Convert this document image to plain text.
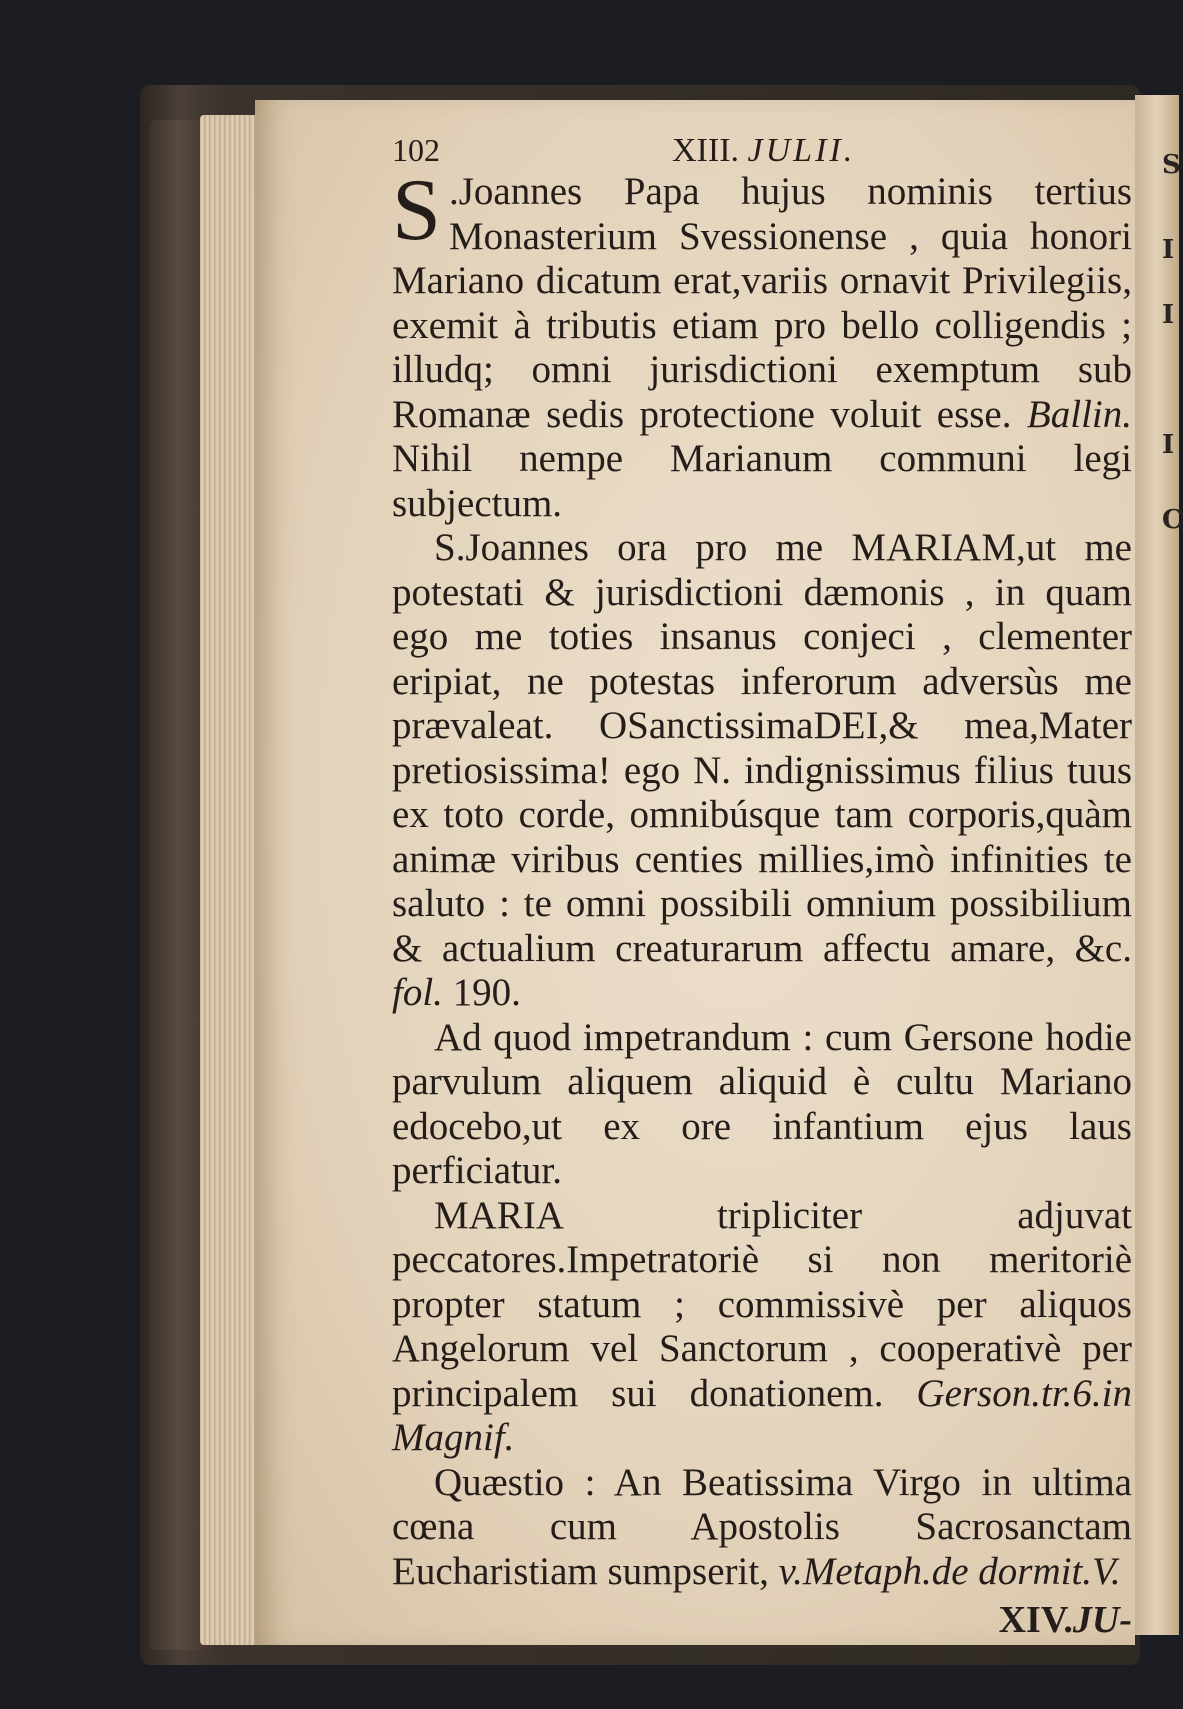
S
I
I
I
C
102	XIII. JULII.

S .Joannes Papa hujus nominis tertius Monasterium Svessionense , quia honori Mariano dicatum erat,variis ornavit Privilegiis, exemit à tributis etiam pro bello colligendis ; illudq; omni jurisdictioni exemptum sub Romanæ sedis protectione voluit esse. Ballin. Nihil nempe Marianum communi legi subjectum.

S.Joannes ora pro me MARIAM,ut me potestati & jurisdictioni dæmonis , in quam ego me toties insanus conjeci , clementer eripiat, ne potestas inferorum adversùs me prævaleat. OSanctissimaDEI,& mea,Mater pretiosissima! ego N. indignissimus filius tuus ex toto corde, omnibúsque tam corporis,quàm animæ viribus centies millies,imò infinities te saluto : te omni possibili omnium possibilium & actualium creaturarum affectu amare, &c. fol. 190.

Ad quod impetrandum : cum Gersone hodie parvulum aliquem aliquid è cultu Mariano edocebo,ut ex ore infantium ejus laus perficiatur.

MARIA tripliciter adjuvat peccatores.Impetratoriè si non meritoriè propter statum ; commissivè per aliquos Angelorum vel Sanctorum , cooperativè per principalem sui donationem. Gerson.tr.6.in Magnif.

Quæstio : An Beatissima Virgo in ultima cœna cum Apostolis Sacrosanctam Eucharistiam sumpserit, v.Metaph.de dormit.V.

XIV.JU-
